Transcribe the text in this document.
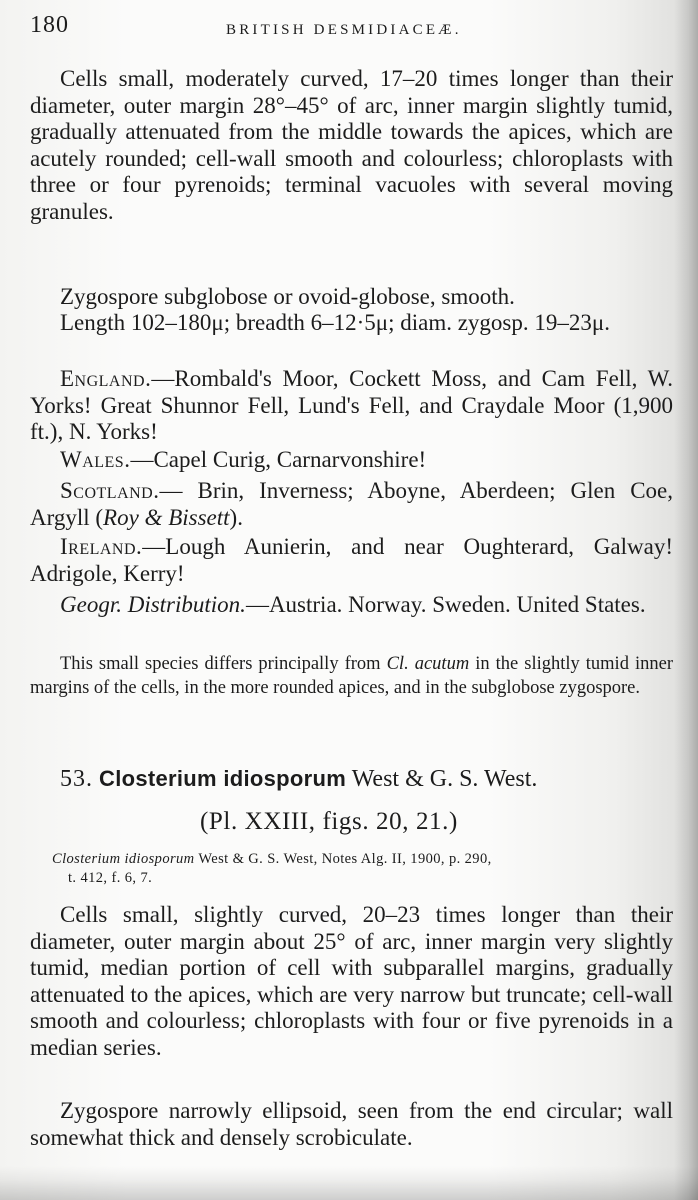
180	BRITISH DESMIDIACEÆ.

Cells small, moderately curved, 17–20 times longer than their diameter, outer margin 28°–45° of arc, inner margin slightly tumid, gradually attenuated from the middle towards the apices, which are acutely rounded; cell-wall smooth and colourless; chloroplasts with three or four pyrenoids; terminal vacuoles with several moving granules.

Zygospore subglobose or ovoid-globose, smooth.

Length 102–180μ; breadth 6–12·5μ; diam. zygosp. 19–23μ.

England.—Rombald's Moor, Cockett Moss, and Cam Fell, W. Yorks! Great Shunnor Fell, Lund's Fell, and Craydale Moor (1,900 ft.), N. Yorks!

Wales.—Capel Curig, Carnarvonshire!

Scotland.— Brin, Inverness; Aboyne, Aberdeen; Glen Coe, Argyll (Roy & Bissett).

Ireland.—Lough Aunierin, and near Oughterard, Galway! Adrigole, Kerry!

Geogr. Distribution.—Austria. Norway. Sweden. United States.

This small species differs principally from Cl. acutum in the slightly tumid inner margins of the cells, in the more rounded apices, and in the subglobose zygospore.

53. Closterium idiosporum West & G. S. West.
(Pl. XXIII, figs. 20, 21.)
Closterium idiosporum West & G. S. West, Notes Alg. II, 1900, p. 290,
t. 412, f. 6, 7.

Cells small, slightly curved, 20–23 times longer than their diameter, outer margin about 25° of arc, inner margin very slightly tumid, median portion of cell with subparallel margins, gradually attenuated to the apices, which are very narrow but truncate; cell-wall smooth and colourless; chloroplasts with four or five pyrenoids in a median series.

Zygospore narrowly ellipsoid, seen from the end circular; wall somewhat thick and densely scrobiculate.
